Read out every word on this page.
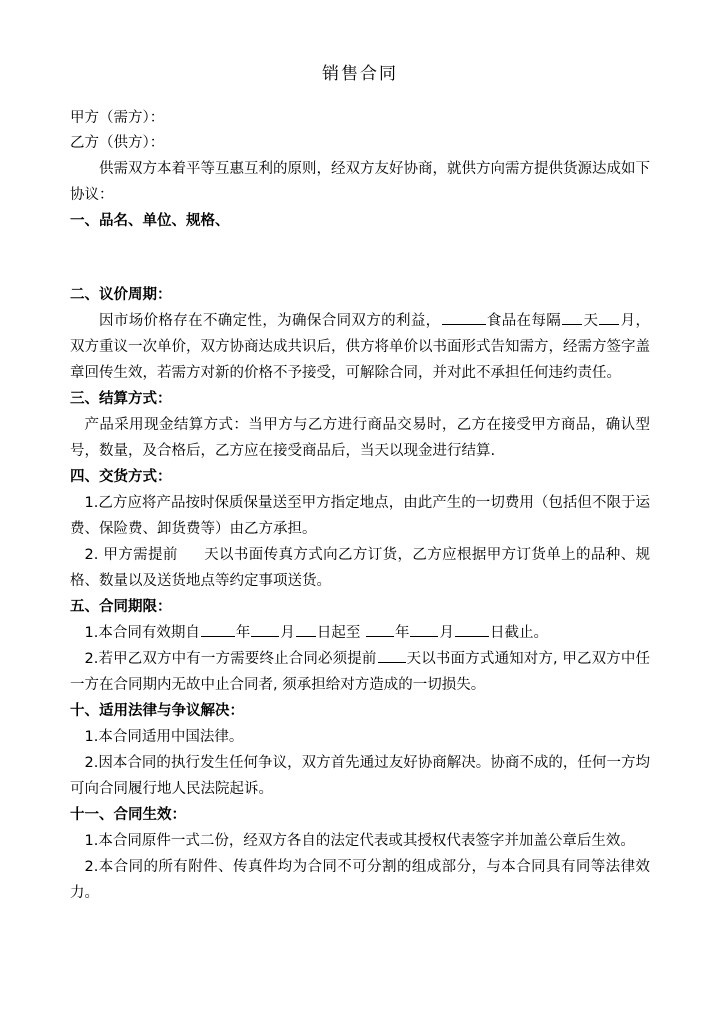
销售合同
甲方（需方）：
乙方（供方）：
供需双方本着平等互惠互利的原则，经双方友好协商，就供方向需方提供货源达成如下协议：
一、品名、单位、规格、
二、议价周期：
因市场价格存在不确定性，为确保合同双方的利益，	食品在每隔 天 月，双方重议一次单价，双方协商达成共识后，供方将单价以书面形式告知需方，经需方签字盖章回传生效，若需方对新的价格不予接受，可解除合同，并对此不承担任何违约责任。
三、结算方式：
产品采用现金结算方式：当甲方与乙方进行商品交易时，乙方在接受甲方商品，确认型号，数量，及合格后，乙方应在接受商品后，当天以现金进行结算.
四、交货方式：
1.乙方应将产品按时保质保量送至甲方指定地点，由此产生的一切费用（包括但不限于运费、保险费、卸货费等）由乙方承担。
2. 甲方需提前 天以书面传真方式向乙方订货，乙方应根据甲方订货单上的品种、规格、数量以及送货地点等约定事项送货。
五、合同期限：
1.本合同有效期自 年 月 日起至 年 月 日截止。
2.若甲乙双方中有一方需要终止合同必须提前 天以书面方式通知对方, 甲乙双方中任一方在合同期内无故中止合同者, 须承担给对方造成的一切损失。
十、适用法律与争议解决：
1.本合同适用中国法律。
2.因本合同的执行发生任何争议，双方首先通过友好协商解决。协商不成的，任何一方均可向合同履行地人民法院起诉。
十一、合同生效：
1.本合同原件一式二份，经双方各自的法定代表或其授权代表签字并加盖公章后生效。
2.本合同的所有附件、传真件均为合同不可分割的组成部分，与本合同具有同等法律效力。
